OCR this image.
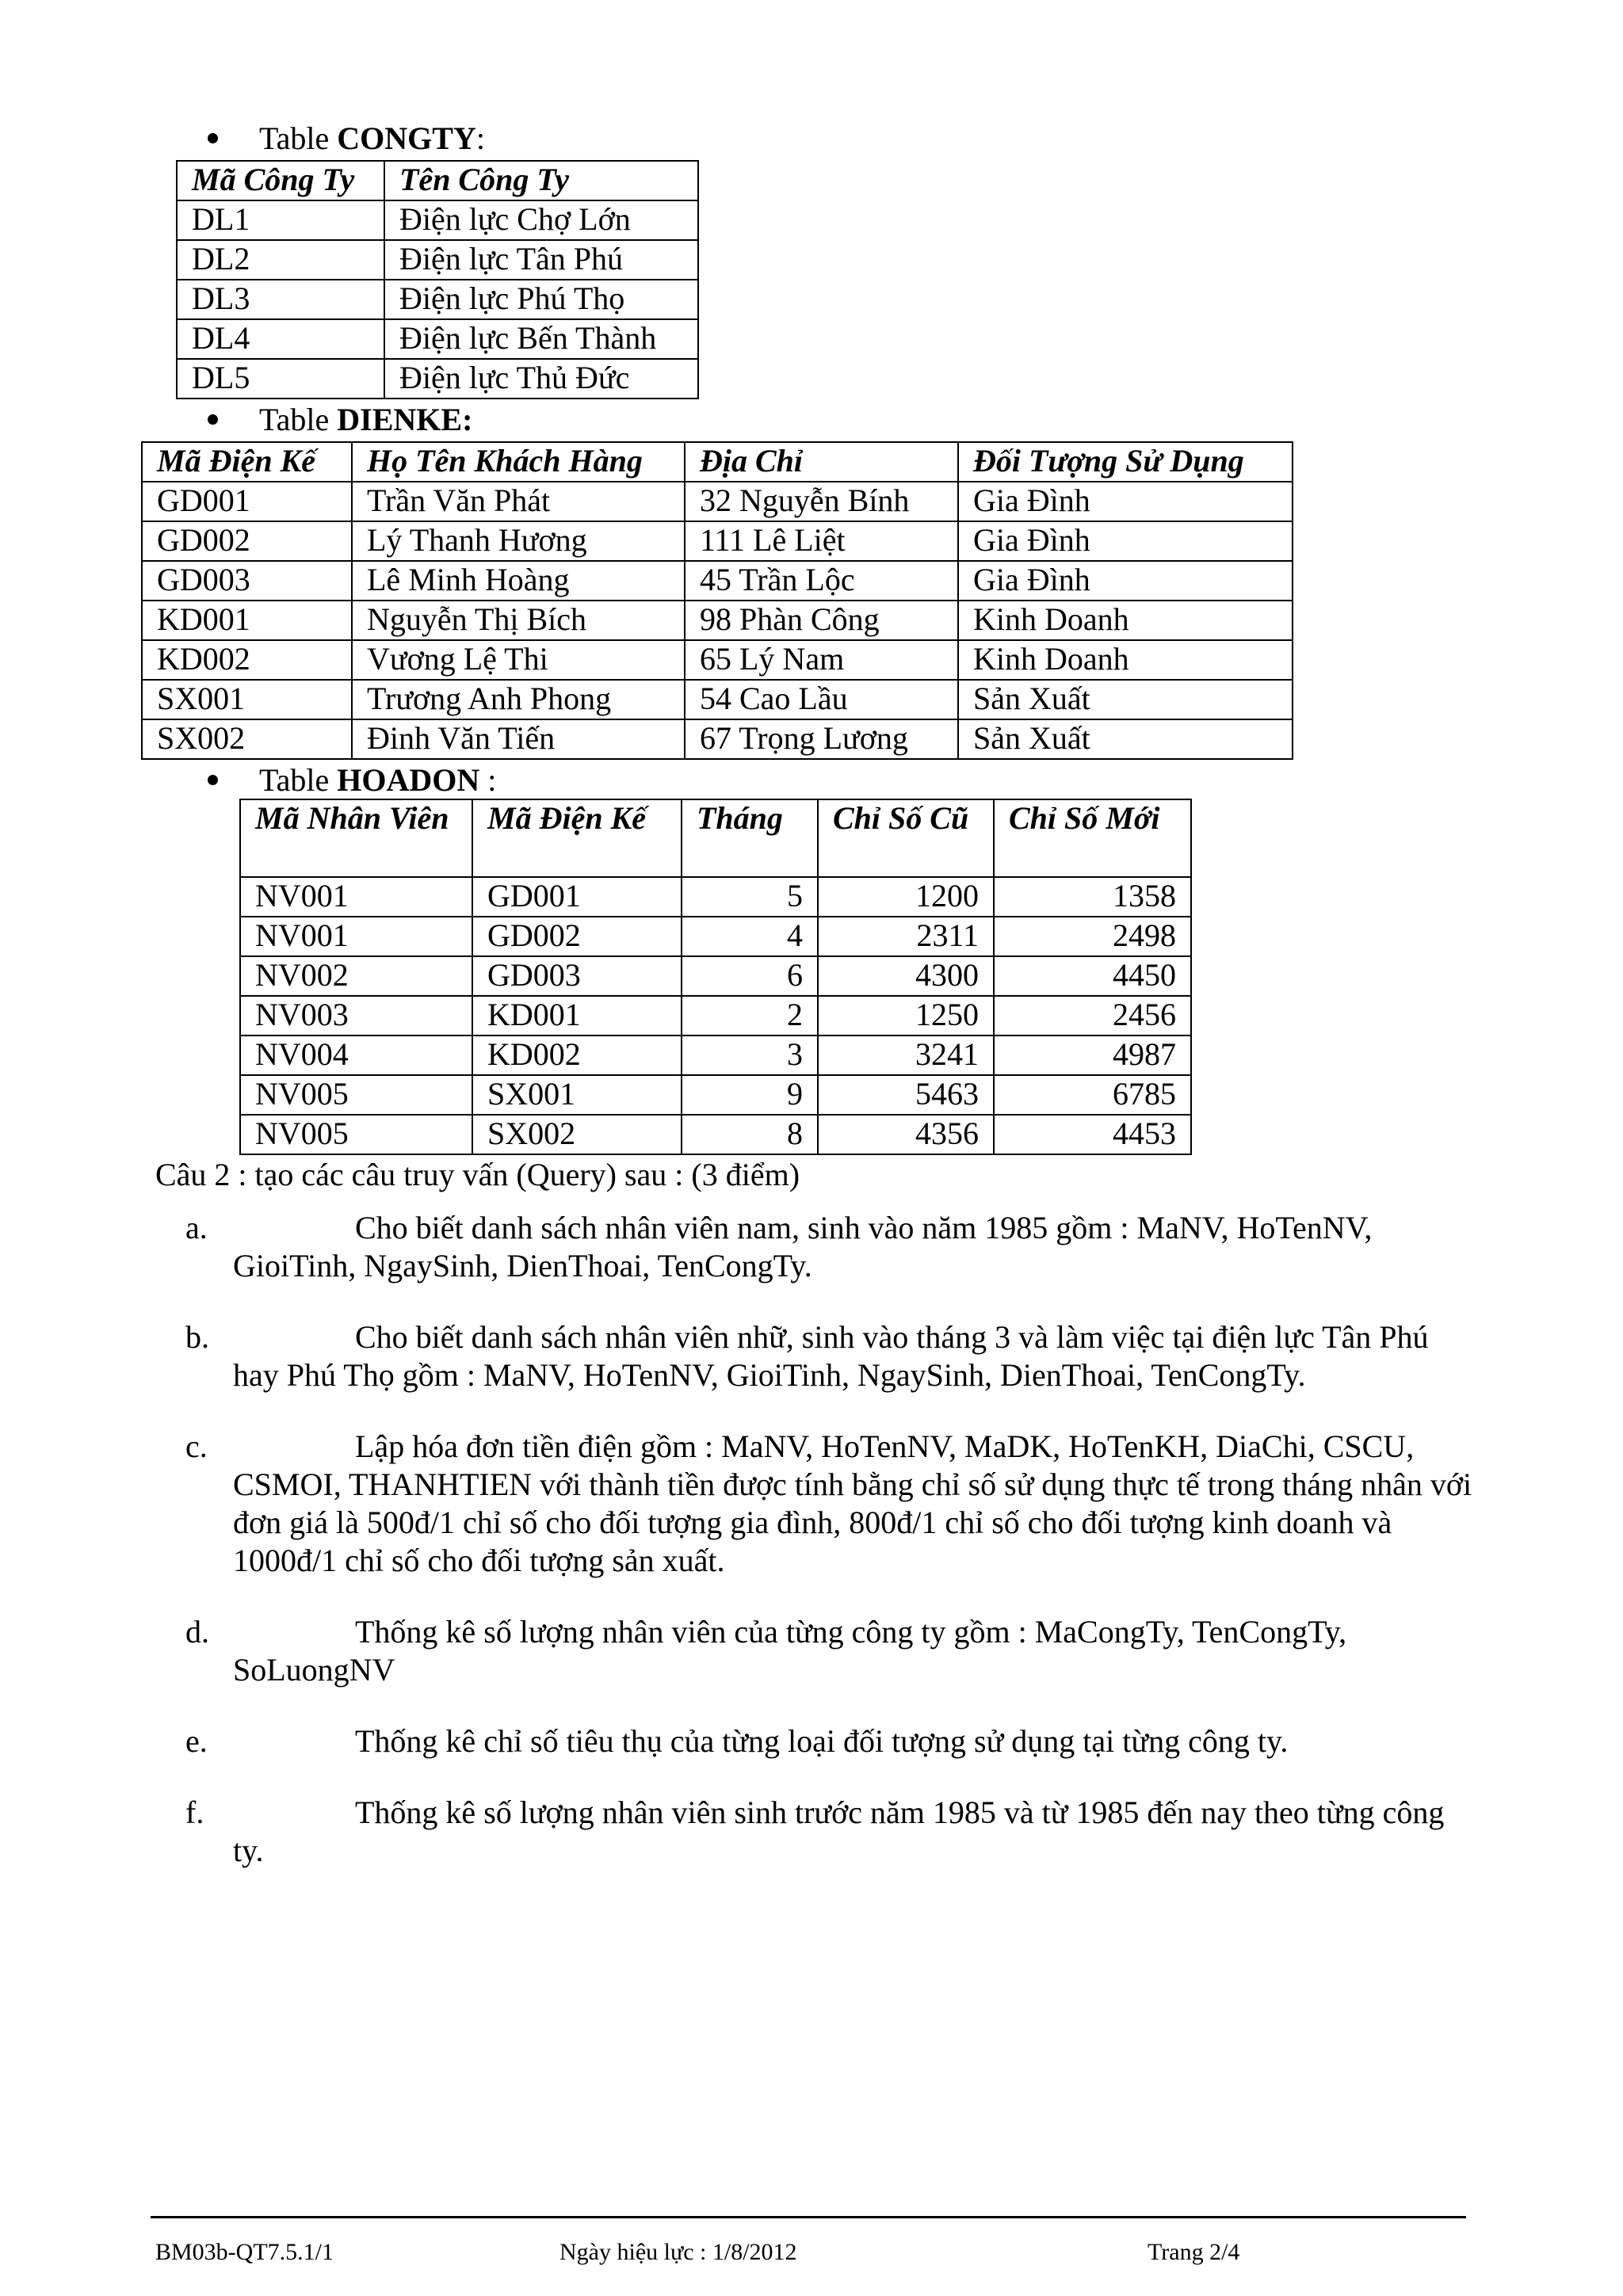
Table CONGTY:
Mã Công Ty	Tên Công Ty
DL1	Điện lực Chợ Lớn
DL2	Điện lực Tân Phú
DL3	Điện lực Phú Thọ
DL4	Điện lực Bến Thành
DL5	Điện lực Thủ Đức
Table DIENKE:
Mã Điện Kế	Họ Tên Khách Hàng	Địa Chỉ	Đối Tượng Sử Dụng
GD001	Trần Văn Phát	32 Nguyễn Bính	Gia Đình
GD002	Lý Thanh Hương	111 Lê Liệt	Gia Đình
GD003	Lê Minh Hoàng	45 Trần Lộc	Gia Đình
KD001	Nguyễn Thị Bích	98 Phàn Công	Kinh Doanh
KD002	Vương Lệ Thi	65 Lý Nam	Kinh Doanh
SX001	Trương Anh Phong	54 Cao Lầu	Sản Xuất
SX002	Đinh Văn Tiến	67 Trọng Lương	Sản Xuất
Table HOADON :
Mã Nhân Viên	Mã Điện Kế	Tháng	Chỉ Số Cũ	Chỉ Số Mới
NV001	GD001	5	1200	1358
NV001	GD002	4	2311	2498
NV002	GD003	6	4300	4450
NV003	KD001	2	1250	2456
NV004	KD002	3	3241	4987
NV005	SX001	9	5463	6785
NV005	SX002	8	4356	4453
Câu 2 : tạo các câu truy vấn (Query) sau : (3 điểm)
a.	Cho biết danh sách nhân viên nam, sinh vào năm 1985 gồm : MaNV, HoTenNV, GioiTinh, NgaySinh, DienThoai, TenCongTy.
b.	Cho biết danh sách nhân viên nhữ, sinh vào tháng 3 và làm việc tại điện lực Tân Phú hay Phú Thọ gồm : MaNV, HoTenNV, GioiTinh, NgaySinh, DienThoai, TenCongTy.
c.	Lập hóa đơn tiền điện gồm : MaNV, HoTenNV, MaDK, HoTenKH, DiaChi, CSCU, CSMOI, THANHTIEN với thành tiền được tính bằng chỉ số sử dụng thực tế trong tháng nhân với đơn giá là 500đ/1 chỉ số cho đối tượng gia đình, 800đ/1 chỉ số cho đối tượng kinh doanh và 1000đ/1 chỉ số cho đối tượng sản xuất.
d.	Thống kê số lượng nhân viên của từng công ty gồm : MaCongTy, TenCongTy, SoLuongNV
e.	Thống kê chỉ số tiêu thụ của từng loại đối tượng sử dụng tại từng công ty.
f.	Thống kê số lượng nhân viên sinh trước năm 1985 và từ 1985 đến nay theo từng công ty.
BM03b-QT7.5.1/1	Ngày hiệu lực : 1/8/2012	Trang 2/4
